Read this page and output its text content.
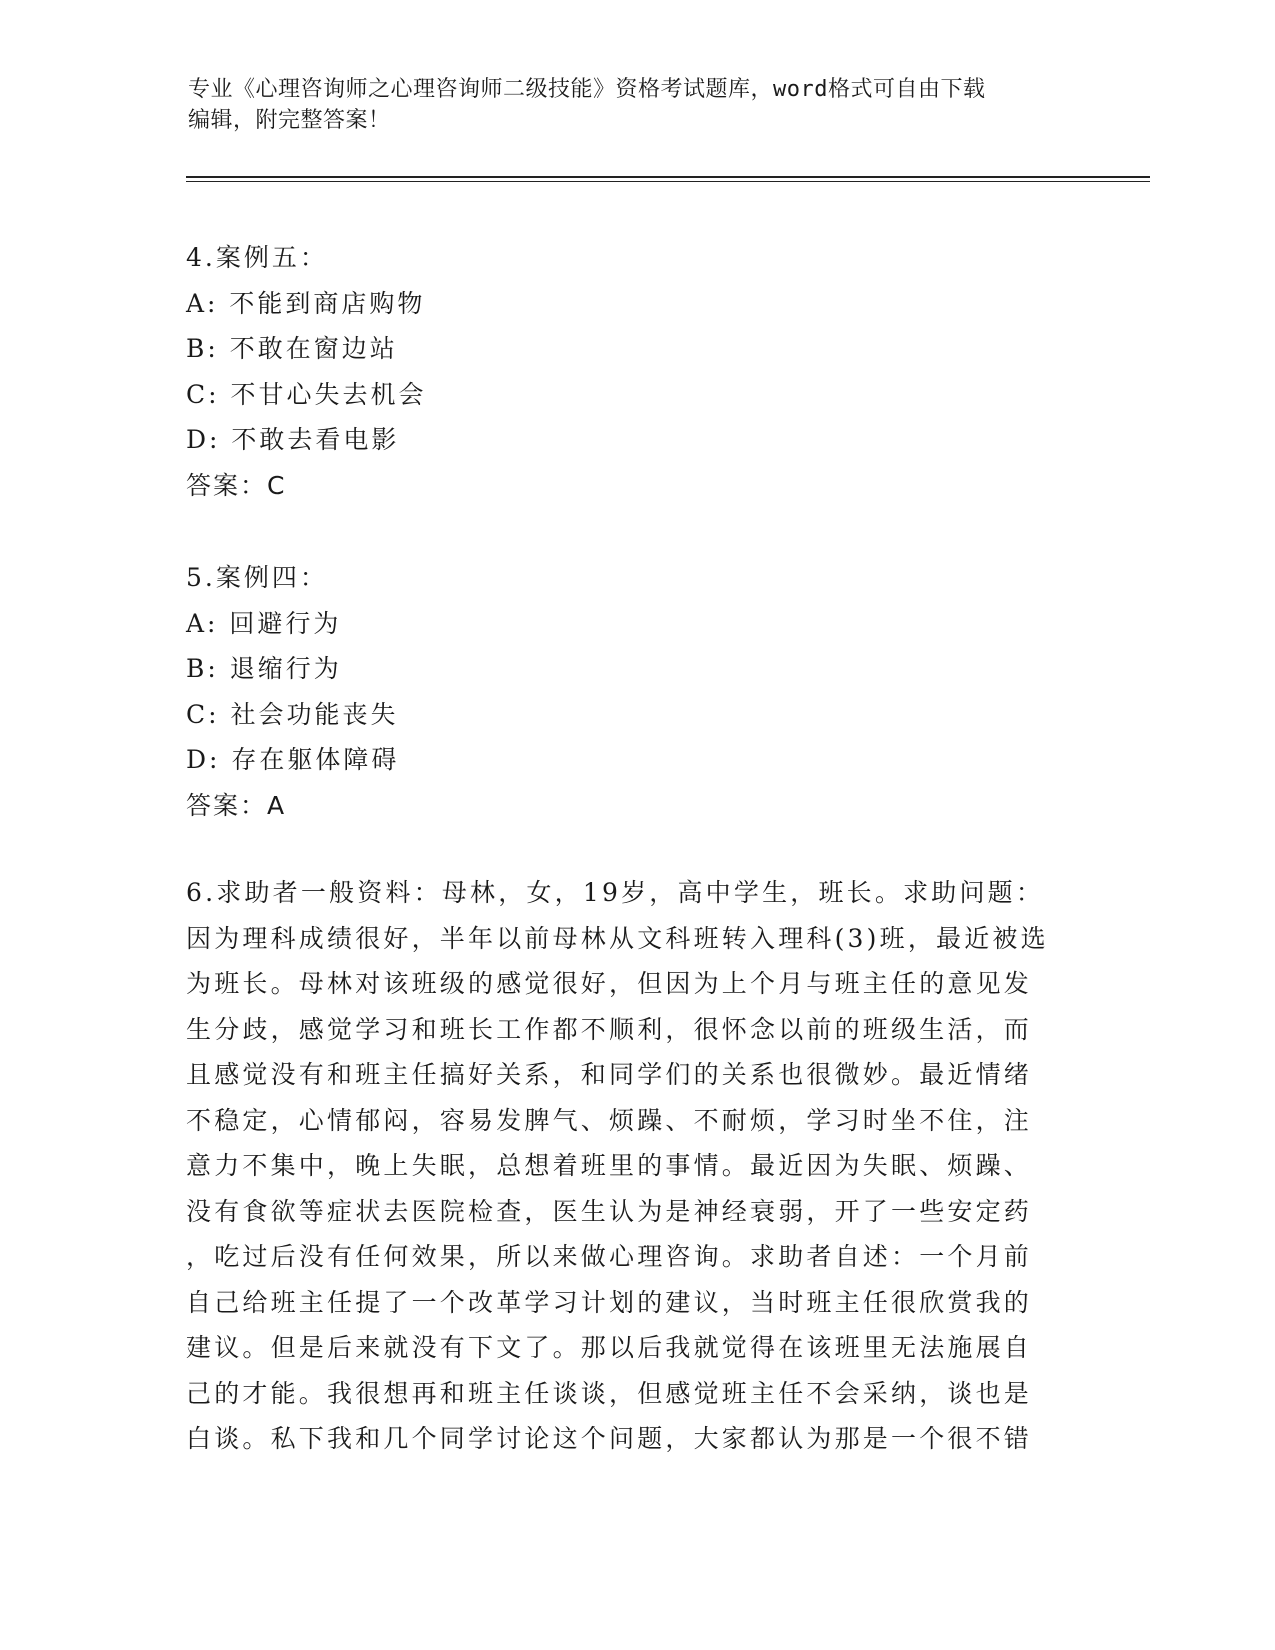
专业《心理咨询师之心理咨询师二级技能》资格考试题库，word格式可自由下载
编辑，附完整答案！
4.案例五：
A: 不能到商店购物
B: 不敢在窗边站
C: 不甘心失去机会
D: 不敢去看电影
答案：C
5.案例四：
A: 回避行为
B: 退缩行为
C: 社会功能丧失
D: 存在躯体障碍
答案：A
6.求助者一般资料：母林，女，19岁，高中学生，班长。求助问题：
因为理科成绩很好，半年以前母林从文科班转入理科(3)班，最近被选
为班长。母林对该班级的感觉很好，但因为上个月与班主任的意见发
生分歧，感觉学习和班长工作都不顺利，很怀念以前的班级生活，而
且感觉没有和班主任搞好关系，和同学们的关系也很微妙。最近情绪
不稳定，心情郁闷，容易发脾气、烦躁、不耐烦，学习时坐不住，注
意力不集中，晚上失眠，总想着班里的事情。最近因为失眠、烦躁、
没有食欲等症状去医院检查，医生认为是神经衰弱，开了一些安定药
，吃过后没有任何效果，所以来做心理咨询。求助者自述：一个月前
自己给班主任提了一个改革学习计划的建议，当时班主任很欣赏我的
建议。但是后来就没有下文了。那以后我就觉得在该班里无法施展自
己的才能。我很想再和班主任谈谈，但感觉班主任不会采纳，谈也是
白谈。私下我和几个同学讨论这个问题，大家都认为那是一个很不错
